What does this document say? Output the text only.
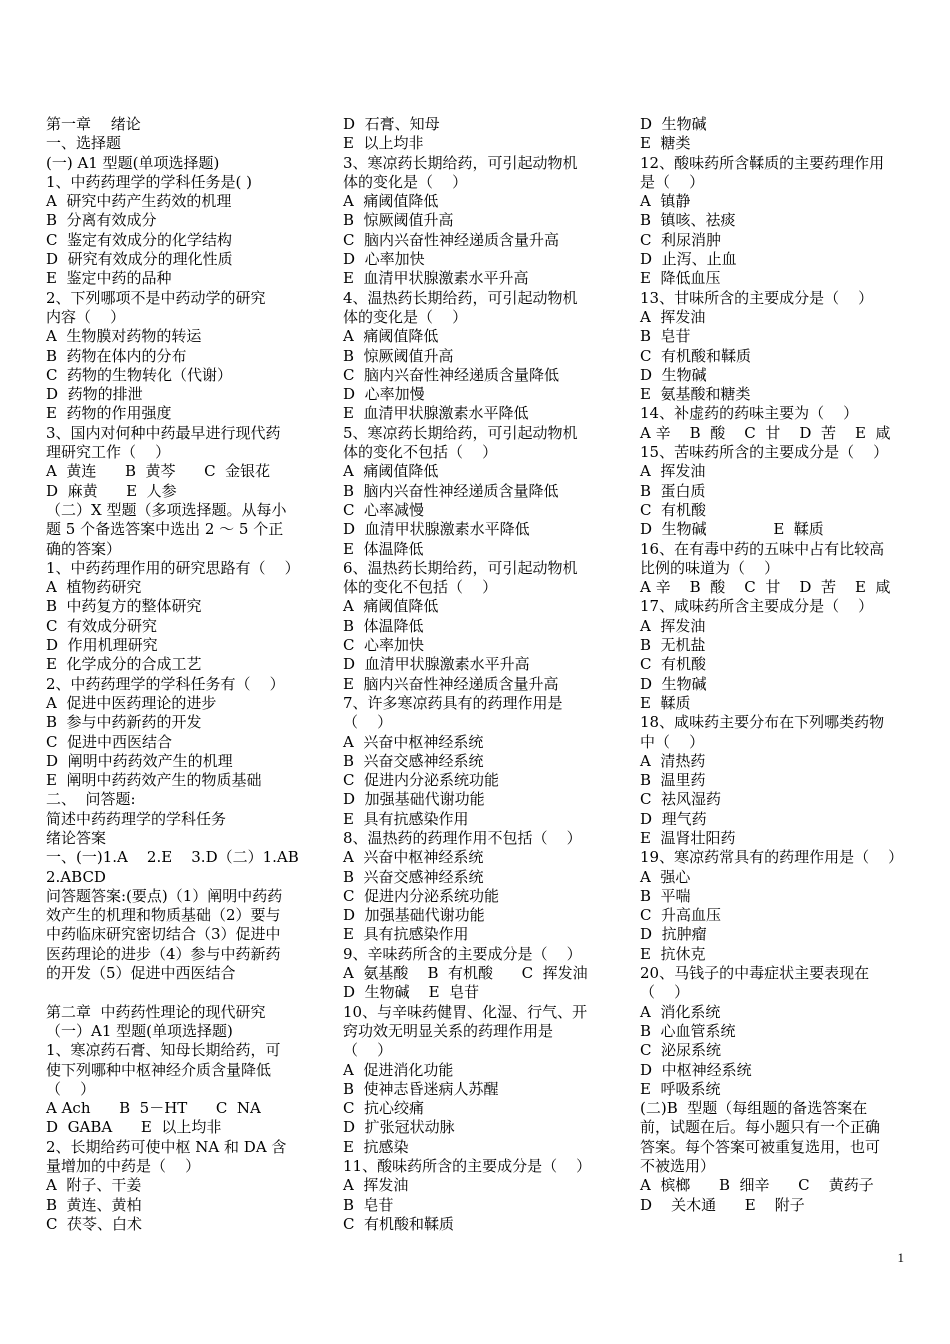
第一章　 绪论
一、选择题
(一) A1 型题(单项选择题)
1、中药药理学的学科任务是( )
A  研究中药产生药效的机理
B  分离有效成分
C  鉴定有效成分的化学结构
D  研究有效成分的理化性质
E  鉴定中药的品种
2、下列哪项不是中药动学的研究
内容（    ）
A  生物膜对药物的转运
B  药物在体内的分布
C  药物的生物转化（代谢）
D  药物的排泄
E  药物的作用强度
3、国内对何种中药最早进行现代药
理研究工作（    ）
A  黄连      B  黄芩      C  金银花
D  麻黄      E  人参
（二）X 型题（多项选择题。从每小
题 5 个备选答案中选出 2 ～ 5 个正
确的答案）
1、中药药理作用的研究思路有（    ）
A  植物药研究
B  中药复方的整体研究
C  有效成分研究
D  作用机理研究
E  化学成分的合成工艺
2、中药药理学的学科任务有（    ）
A  促进中医药理论的进步
B  参与中药新药的开发
C  促进中西医结合
D  阐明中药药效产生的机理
E  阐明中药药效产生的物质基础
二、  问答题:
简述中药药理学的学科任务
绪论答案
一、(一)1.A    2.E    3.D（二）1.AB
2.ABCD
问答题答案:(要点)（1）阐明中药药
效产生的机理和物质基础（2）要与
中药临床研究密切结合（3）促进中
医药理论的进步（4）参与中药新药
的开发（5）促进中西医结合
第二章  中药药性理论的现代研究
（一）A1 型题(单项选择题)
1、寒凉药石膏、知母长期给药，可
使下列哪种中枢神经介质含量降低
（    ）
A Ach      B  5－HT      C  NA
D  GABA      E  以上均非
2、长期给药可使中枢 NA 和 DA 含
量增加的中药是（    ）
A  附子、干姜
B  黄连、黄柏
C  茯苓、白术
D  石膏、知母
E  以上均非
3、寒凉药长期给药，可引起动物机
体的变化是（    ）
A  痛阈值降低
B  惊厥阈值升高
C  脑内兴奋性神经递质含量升高
D  心率加快
E  血清甲状腺激素水平升高
4、温热药长期给药，可引起动物机
体的变化是（    ）
A  痛阈值降低
B  惊厥阈值升高
C  脑内兴奋性神经递质含量降低
D  心率加慢
E  血清甲状腺激素水平降低
5、寒凉药长期给药，可引起动物机
体的变化不包括（    ）
A  痛阈值降低
B  脑内兴奋性神经递质含量降低
C  心率减慢
D  血清甲状腺激素水平降低
E  体温降低
6、温热药长期给药，可引起动物机
体的变化不包括（    ）
A  痛阈值降低
B  体温降低
C  心率加快
D  血清甲状腺激素水平升高
E  脑内兴奋性神经递质含量升高
7、许多寒凉药具有的药理作用是
（    ）
A  兴奋中枢神经系统
B  兴奋交感神经系统
C  促进内分泌系统功能
D  加强基础代谢功能
E  具有抗感染作用
8、温热药的药理作用不包括（    ）
A  兴奋中枢神经系统
B  兴奋交感神经系统
C  促进内分泌系统功能
D  加强基础代谢功能
E  具有抗感染作用
9、辛味药所含的主要成分是（    ）
A  氨基酸    B  有机酸      C  挥发油
D  生物碱    E  皂苷
10、与辛味药健胃、化湿、行气、开
窍功效无明显关系的药理作用是
（    ）
A  促进消化功能
B  使神志昏迷病人苏醒
C  抗心绞痛
D  扩张冠状动脉
E  抗感染
11、酸味药所含的主要成分是（    ）
A  挥发油
B  皂苷
C  有机酸和鞣质
D  生物碱
E  糖类
12、酸味药所含鞣质的主要药理作用
是（    ）
A  镇静
B  镇咳、祛痰
C  利尿消肿
D  止泻、止血
E  降低血压
13、甘味所含的主要成分是（    ）
A  挥发油
B  皂苷
C  有机酸和鞣质
D  生物碱
E  氨基酸和糖类
14、补虚药的药味主要为（    ）
A 辛    B  酸    C  甘    D  苦    E  咸
15、苦味药所含的主要成分是（    ）
A  挥发油
B  蛋白质
C  有机酸
D  生物碱              E  鞣质
16、在有毒中药的五味中占有比较高
比例的味道为（    ）
A 辛    B  酸    C  甘    D  苦    E  咸
17、咸味药所含主要成分是（    ）
A  挥发油
B  无机盐
C  有机酸
D  生物碱
E  鞣质
18、咸味药主要分布在下列哪类药物
中（    ）
A  清热药
B  温里药
C  祛风湿药
D  理气药
E  温肾壮阳药
19、寒凉药常具有的药理作用是（    ）
A  强心
B  平喘
C  升高血压
D  抗肿瘤
E  抗休克
20、马钱子的中毒症状主要表现在
（    ）
A  消化系统
B  心血管系统
C  泌尿系统
D  中枢神经系统
E  呼吸系统
(二)B  型题（每组题的备选答案在
前，试题在后。每小题只有一个正确
答案。每个答案可被重复选用，也可
不被选用）
A  槟榔      B  细辛      C    黄药子
D    关木通      E    附子
1
